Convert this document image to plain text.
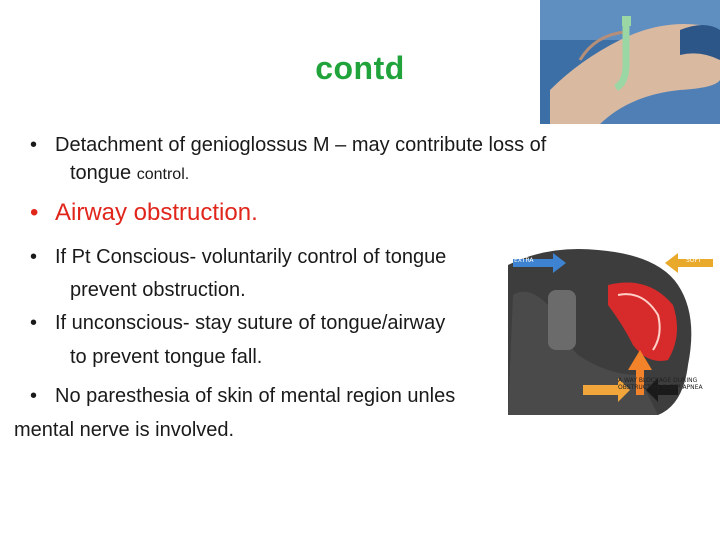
contd
• Detachment of genioglossus M – may contribute loss of
tongue control.
• Airway obstruction.
• If Pt Conscious- voluntarily control of tongue
prevent obstruction.
• If unconscious- stay suture of tongue/airway
to prevent tongue fall.
• No paresthesia of skin of mental region unles
mental nerve is involved.
EXTRA	SOFT
A WAY BLOCKAGE DURING
OBSTRUCTIVE SLEEP APNEA
